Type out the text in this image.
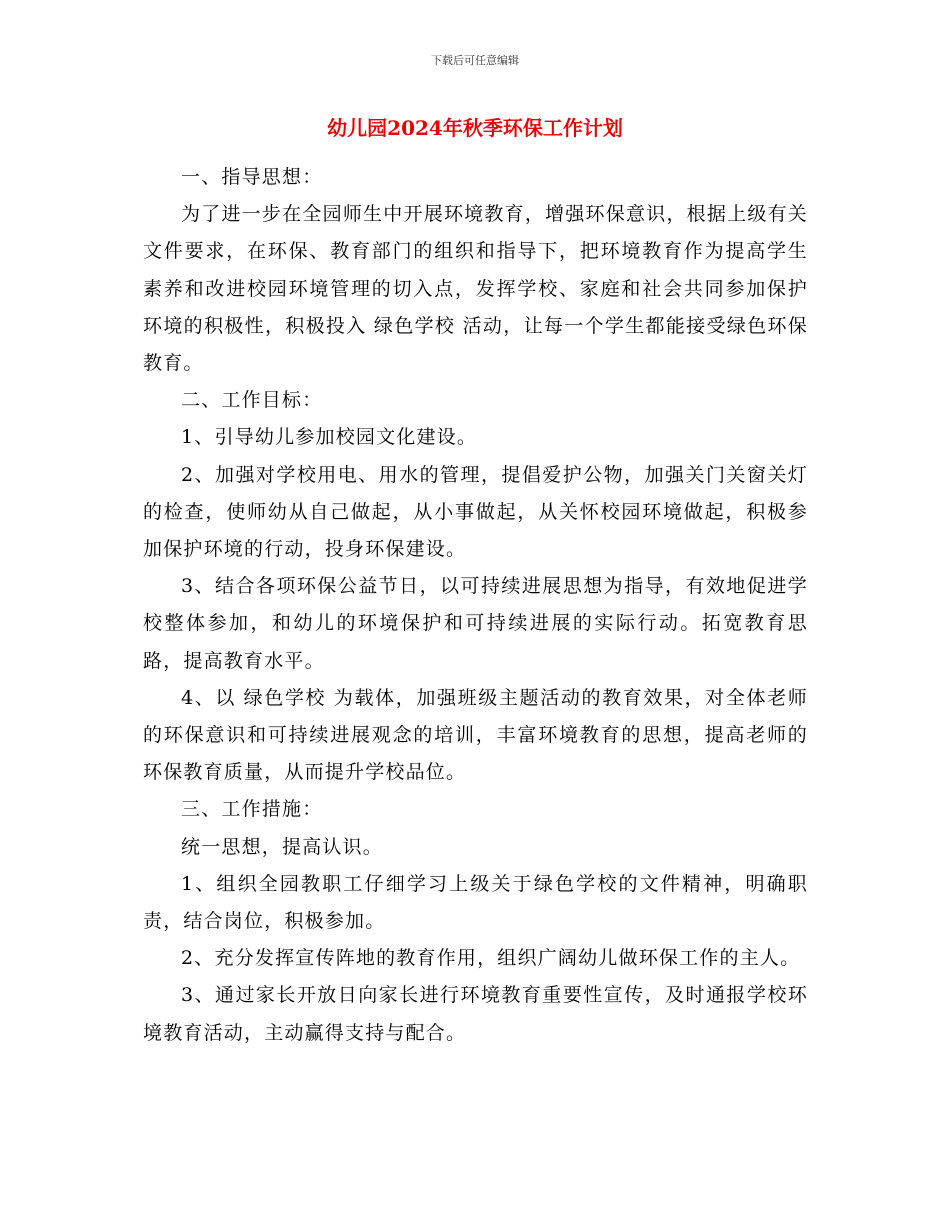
下载后可任意编辑
幼儿园2024年秋季环保工作计划

一、指导思想：

为了进一步在全园师生中开展环境教育，增强环保意识，根据上级有关文件要求，在环保、教育部门的组织和指导下，把环境教育作为提高学生素养和改进校园环境管理的切入点，发挥学校、家庭和社会共同参加保护环境的积极性，积极投入 绿色学校 活动，让每一个学生都能接受绿色环保教育。

二、工作目标：

1、引导幼儿参加校园文化建设。

2、加强对学校用电、用水的管理，提倡爱护公物，加强关门关窗关灯的检查，使师幼从自己做起，从小事做起，从关怀校园环境做起，积极参加保护环境的行动，投身环保建设。

3、结合各项环保公益节日，以可持续进展思想为指导，有效地促进学校整体参加，和幼儿的环境保护和可持续进展的实际行动。拓宽教育思路，提高教育水平。

4、以 绿色学校 为载体，加强班级主题活动的教育效果，对全体老师的环保意识和可持续进展观念的培训，丰富环境教育的思想，提高老师的环保教育质量，从而提升学校品位。

三、工作措施：

统一思想，提高认识。

1、组织全园教职工仔细学习上级关于绿色学校的文件精神，明确职责，结合岗位，积极参加。

2、充分发挥宣传阵地的教育作用，组织广阔幼儿做环保工作的主人。

3、通过家长开放日向家长进行环境教育重要性宣传，及时通报学校环境教育活动，主动赢得支持与配合。
